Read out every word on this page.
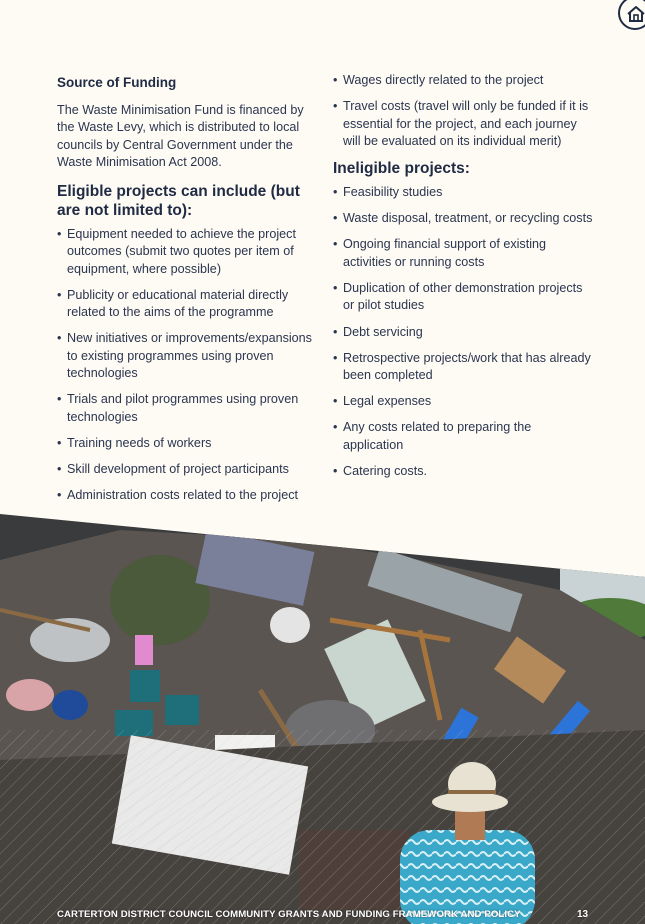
Source of Funding

The Waste Minimisation Fund is financed by the Waste Levy, which is distributed to local councils by Central Government under the Waste Minimisation Act 2008.

Eligible projects can include (but are not limited to):
• Equipment needed to achieve the project outcomes (submit two quotes per item of equipment, where possible)
• Publicity or educational material directly related to the aims of the programme
• New initiatives or improvements/expansions to existing programmes using proven technologies
• Trials and pilot programmes using proven technologies
• Training needs of workers
• Skill development of project participants
• Administration costs related to the project
• Wages directly related to the project
• Travel costs (travel will only be funded if it is essential for the project, and each journey will be evaluated on its individual merit)
Ineligible projects:
• Feasibility studies
• Waste disposal, treatment, or recycling costs
• Ongoing financial support of existing activities or running costs
• Duplication of other demonstration projects or pilot studies
• Debt servicing
• Retrospective projects/work that has already been completed
• Legal expenses
• Any costs related to preparing the application
• Catering costs.
CARTERTON DISTRICT COUNCIL COMMUNITY GRANTS AND FUNDING FRAMEWORK AND POLICY	13
